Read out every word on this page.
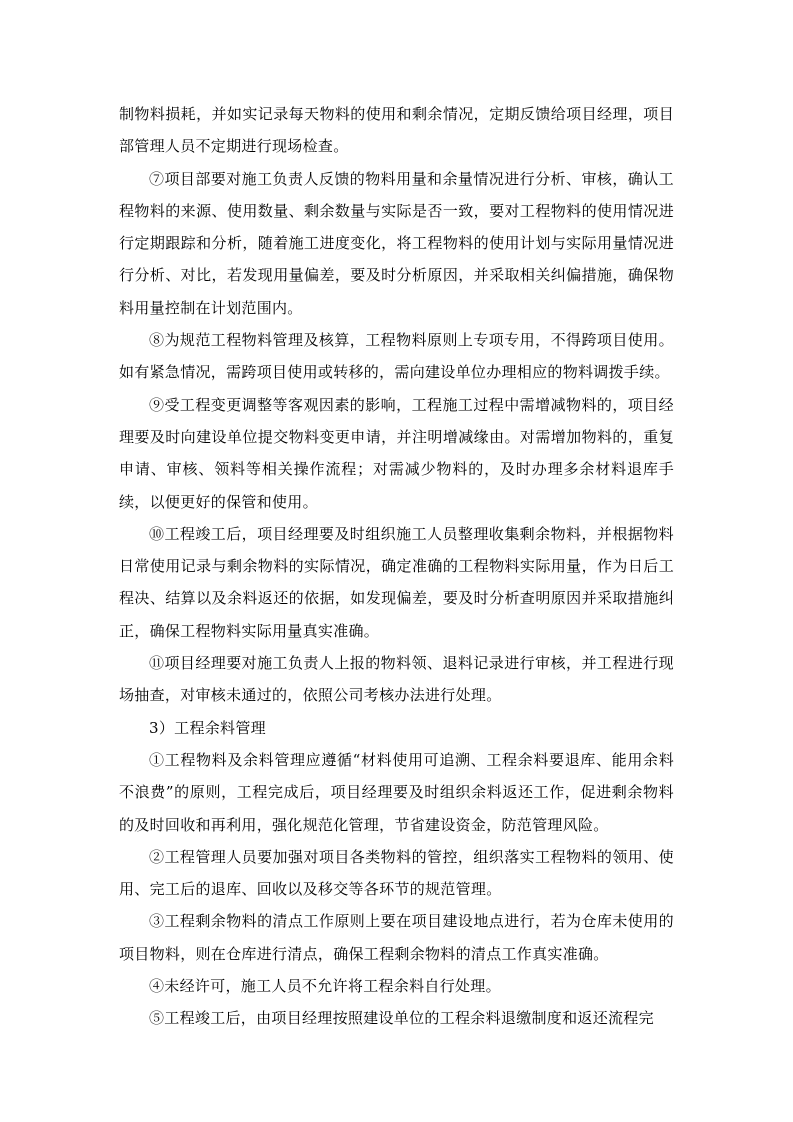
制物料损耗，并如实记录每天物料的使用和剩余情况，定期反馈给项目经理，项目部管理人员不定期进行现场检查。

⑦项目部要对施工负责人反馈的物料用量和余量情况进行分析、审核，确认工程物料的来源、使用数量、剩余数量与实际是否一致，要对工程物料的使用情况进行定期跟踪和分析，随着施工进度变化，将工程物料的使用计划与实际用量情况进行分析、对比，若发现用量偏差，要及时分析原因，并采取相关纠偏措施，确保物料用量控制在计划范围内。

⑧为规范工程物料管理及核算，工程物料原则上专项专用，不得跨项目使用。如有紧急情况，需跨项目使用或转移的，需向建设单位办理相应的物料调拨手续。

⑨受工程变更调整等客观因素的影响，工程施工过程中需增减物料的，项目经理要及时向建设单位提交物料变更申请，并注明增减缘由。对需增加物料的，重复申请、审核、领料等相关操作流程；对需减少物料的，及时办理多余材料退库手续，以便更好的保管和使用。

⑩工程竣工后，项目经理要及时组织施工人员整理收集剩余物料，并根据物料日常使用记录与剩余物料的实际情况，确定准确的工程物料实际用量，作为日后工程决、结算以及余料返还的依据，如发现偏差，要及时分析查明原因并采取措施纠正，确保工程物料实际用量真实准确。

⑪项目经理要对施工负责人上报的物料领、退料记录进行审核，并工程进行现场抽查，对审核未通过的，依照公司考核办法进行处理。

3）工程余料管理

①工程物料及余料管理应遵循“材料使用可追溯、工程余料要退库、能用余料不浪费”的原则，工程完成后，项目经理要及时组织余料返还工作，促进剩余物料的及时回收和再利用，强化规范化管理，节省建设资金，防范管理风险。

②工程管理人员要加强对项目各类物料的管控，组织落实工程物料的领用、使用、完工后的退库、回收以及移交等各环节的规范管理。

③工程剩余物料的清点工作原则上要在项目建设地点进行，若为仓库未使用的项目物料，则在仓库进行清点，确保工程剩余物料的清点工作真实准确。

④未经许可，施工人员不允许将工程余料自行处理。

⑤工程竣工后，由项目经理按照建设单位的工程余料退缴制度和返还流程完
